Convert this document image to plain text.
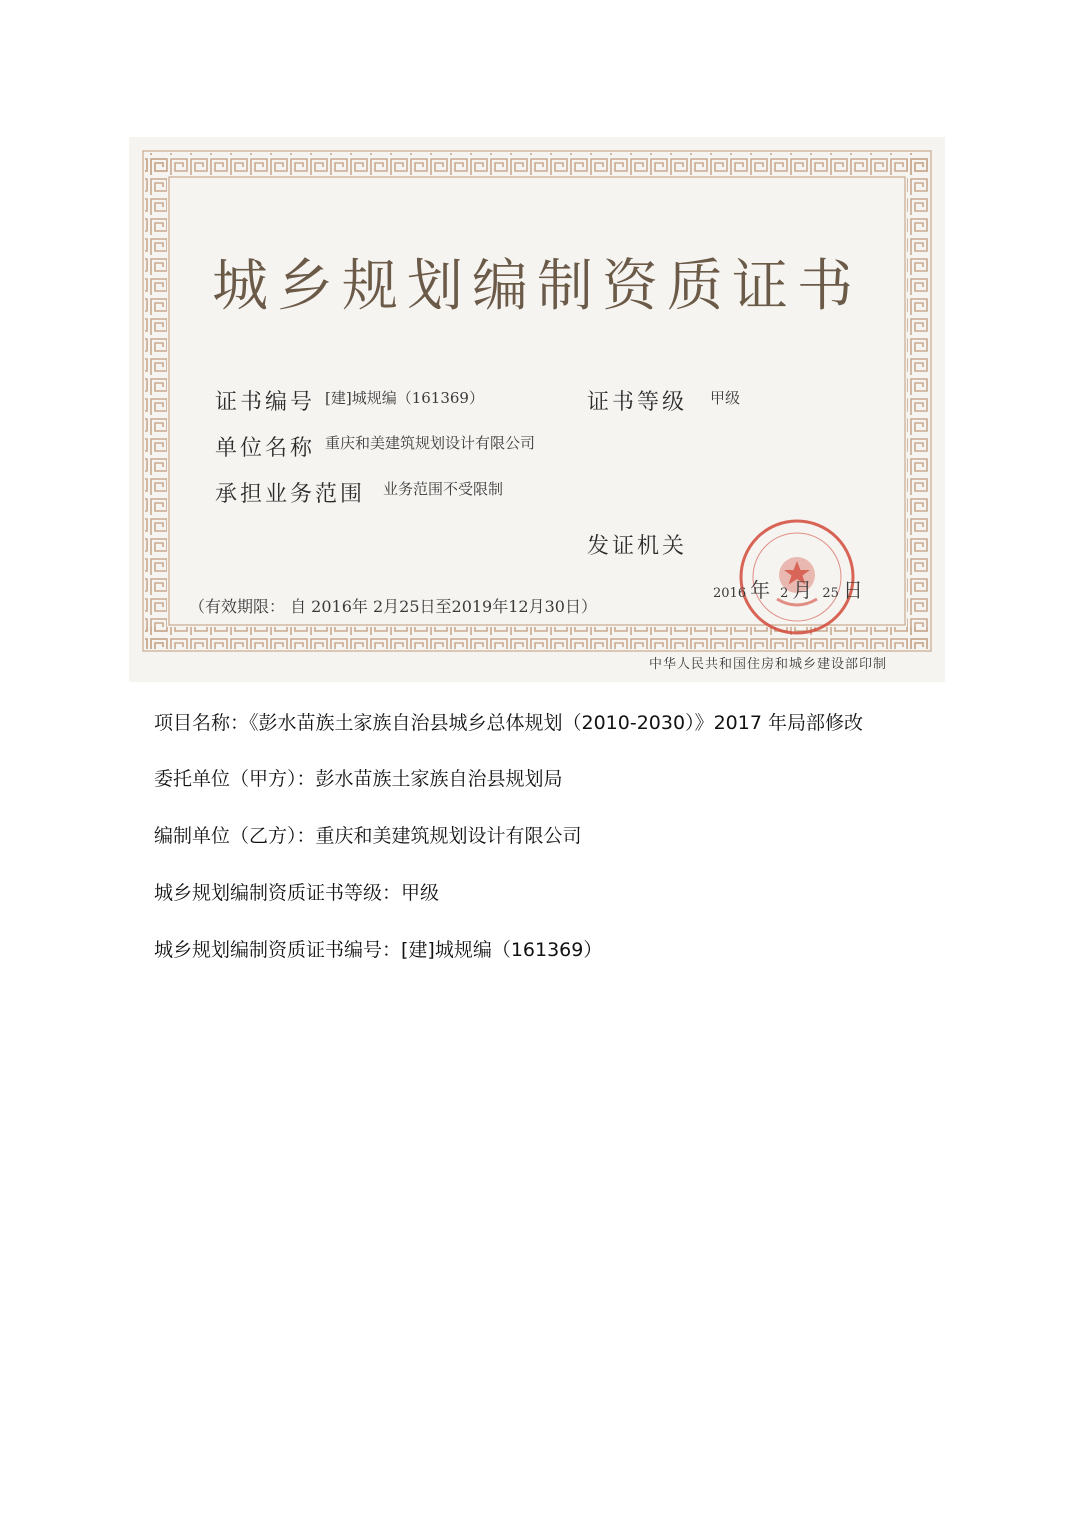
城乡规划编制资质证书
证书编号 [建]城规编（161369）	证书等级 甲级
单位名称 重庆和美建筑规划设计有限公司
承担业务范围 业务范围不受限制
发证机关
2016 年 2 月 25 日
（有效期限： 自 2016年 2月25日至2019年12月30日）
中华人民共和国住房和城乡建设部印制
项目名称：《彭水苗族土家族自治县城乡总体规划（2010-2030）》2017 年局部修改
委托单位（甲方）：彭水苗族土家族自治县规划局
编制单位（乙方）：重庆和美建筑规划设计有限公司
城乡规划编制资质证书等级：甲级
城乡规划编制资质证书编号：[建]城规编（161369）
